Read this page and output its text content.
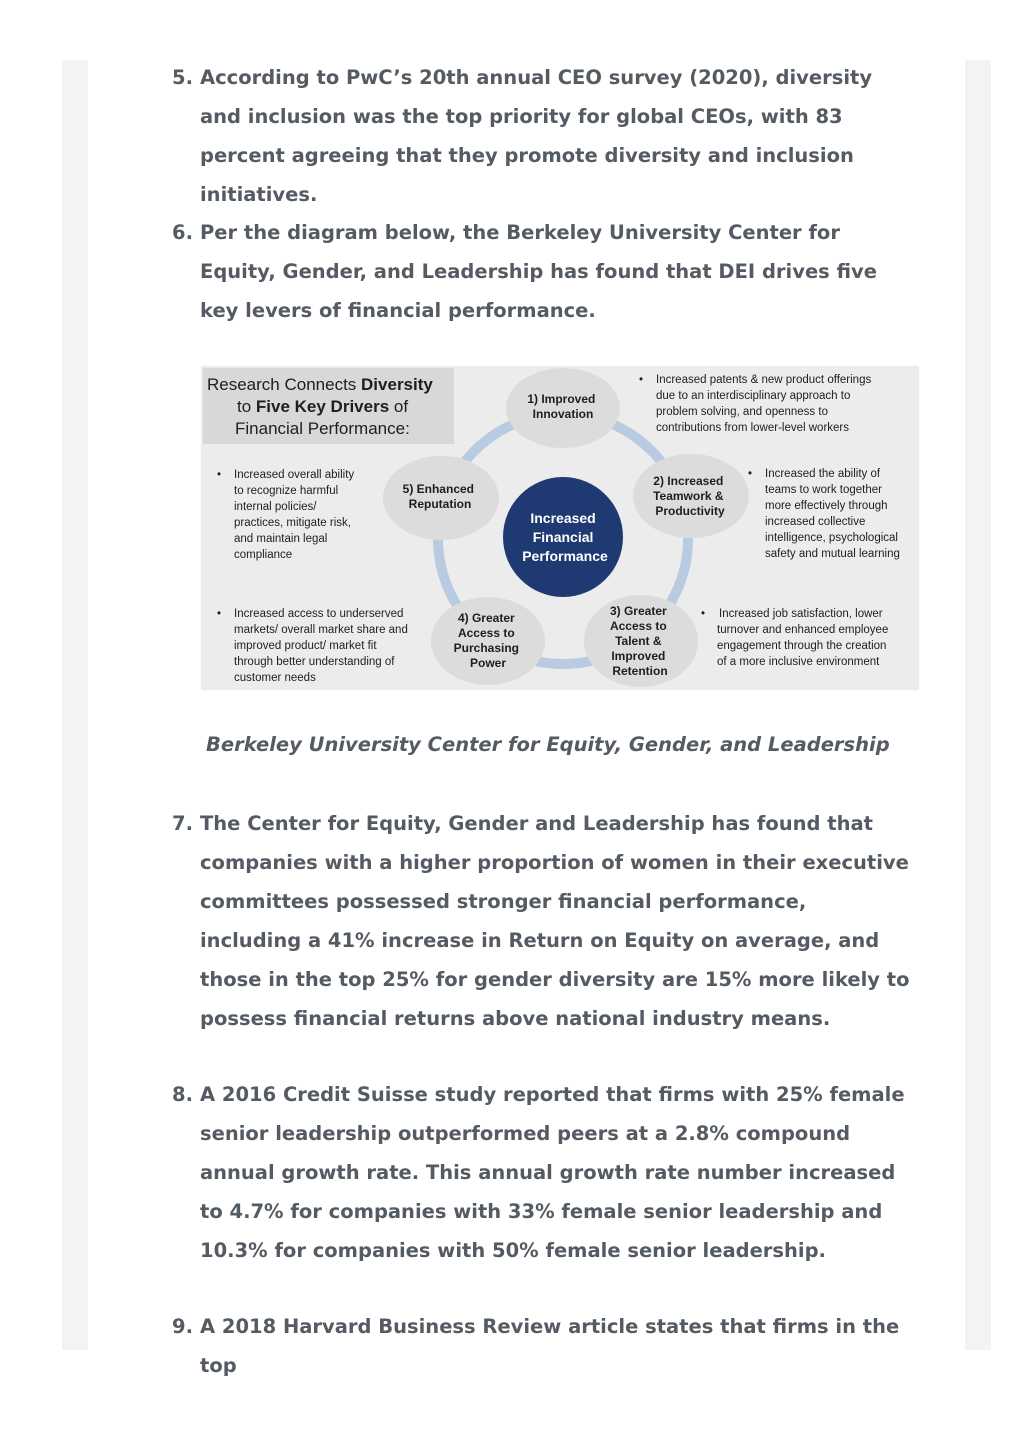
5. According to PwC’s 20th annual CEO survey (2020), diversity and inclusion was the top priority for global CEOs, with 83 percent agreeing that they promote diversity and inclusion initiatives.
6. Per the diagram below, the Berkeley University Center for Equity, Gender, and Leadership has found that DEI drives five key levers of financial performance.
Research Connects Diversity to Five Key Drivers of Financial Performance:
Increased Financial Performance
1) Improved Innovation
2) Increased Teamwork & Productivity
3) Greater Access to Talent & Improved Retention
4) Greater Access to Purchasing Power
5) Enhanced Reputation
• Increased patents & new product offerings due to an interdisciplinary approach to problem solving, and openness to contributions from lower-level workers
• Increased the ability of teams to work together more effectively through increased collective intelligence, psychological safety and mutual learning
• Increased job satisfaction, lower turnover and enhanced employee engagement through the creation of a more inclusive environment
• Increased access to underserved markets/ overall market share and improved product/ market fit through better understanding of customer needs
• Increased overall ability to recognize harmful internal policies/ practices, mitigate risk, and maintain legal compliance
Berkeley University Center for Equity, Gender, and Leadership
7. The Center for Equity, Gender and Leadership has found that companies with a higher proportion of women in their executive committees possessed stronger financial performance, including a 41% increase in Return on Equity on average, and those in the top 25% for gender diversity are 15% more likely to possess financial returns above national industry means.
8. A 2016 Credit Suisse study reported that firms with 25% female senior leadership outperformed peers at a 2.8% compound annual growth rate. This annual growth rate number increased to 4.7% for companies with 33% female senior leadership and 10.3% for companies with 50% female senior leadership.
9. A 2018 Harvard Business Review article states that firms in the top
